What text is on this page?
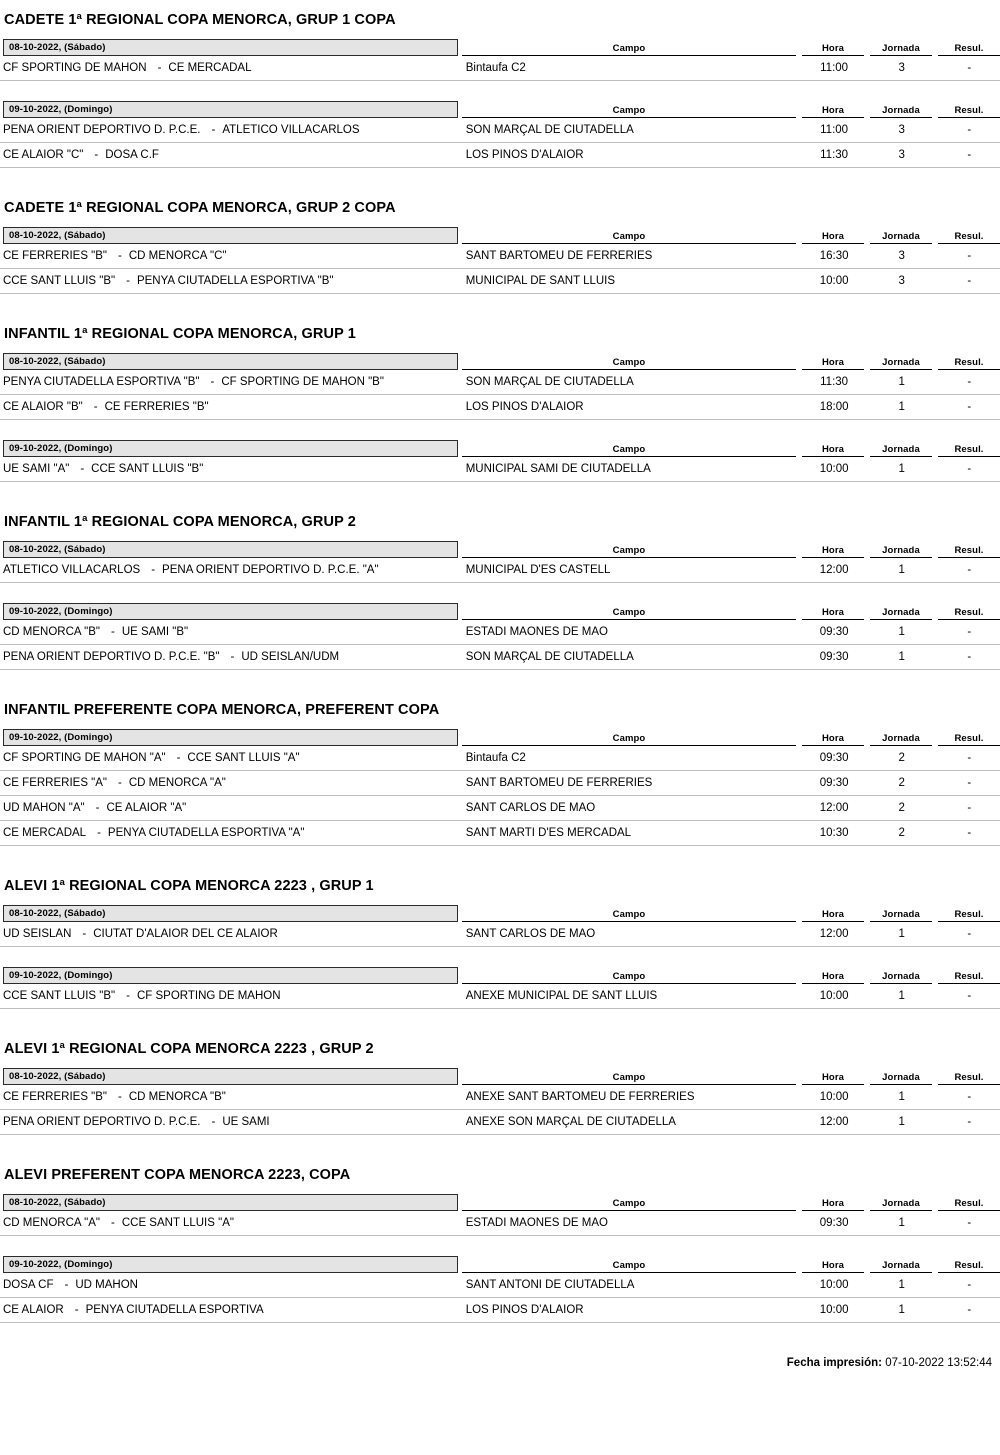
CADETE 1ª REGIONAL COPA MENORCA, GRUP 1 COPA
08-10-2022, (Sábado)	Campo	Hora	Jornada	Resul.
CF SPORTING DE MAHON - CE MERCADAL	Bintaufa C2	11:00	3	-
09-10-2022, (Domingo)	Campo	Hora	Jornada	Resul.
PEÑA ORIENT DEPORTIVO D. P.C.E. - ATLETICO VILLACARLOS	SON MARÇAL DE CIUTADELLA	11:00	3	-
CE ALAIOR "C" - DOSA C.F	LOS PINOS D'ALAIOR	11:30	3	-
CADETE 1ª REGIONAL COPA MENORCA, GRUP 2 COPA
08-10-2022, (Sábado)	Campo	Hora	Jornada	Resul.
CE FERRERIES "B" - CD MENORCA "C"	SANT BARTOMEU DE FERRERIES	16:30	3	-
CCE SANT LLUIS "B" - PENYA CIUTADELLA ESPORTIVA "B"	MUNICIPAL DE SANT LLUIS	10:00	3	-
INFANTIL 1ª REGIONAL COPA MENORCA, GRUP 1
08-10-2022, (Sábado)	Campo	Hora	Jornada	Resul.
PENYA CIUTADELLA ESPORTIVA "B" - CF SPORTING DE MAHON "B"	SON MARÇAL DE CIUTADELLA	11:30	1	-
CE ALAIOR "B" - CE FERRERIES "B"	LOS PINOS D'ALAIOR	18:00	1	-
09-10-2022, (Domingo)	Campo	Hora	Jornada	Resul.
UE SAMI "A" - CCE SANT LLUÍS "B"	MUNICIPAL SAMI DE CIUTADELLA	10:00	1	-
INFANTIL 1ª REGIONAL COPA MENORCA, GRUP 2
08-10-2022, (Sábado)	Campo	Hora	Jornada	Resul.
ATLETICO VILLACARLOS - PEÑA ORIENT DEPORTIVO D. P.C.E. "A"	MUNICIPAL D'ES CASTELL	12:00	1	-
09-10-2022, (Domingo)	Campo	Hora	Jornada	Resul.
CD MENORCA "B" - UE SAMI "B"	ESTADI MAONÉS DE MAÓ	09:30	1	-
PEÑA ORIENT DEPORTIVO D. P.C.E. "B" - UD SEISLAN/UDM	SON MARÇAL DE CIUTADELLA	09:30	1	-
INFANTIL PREFERENTE COPA MENORCA, PREFERENT COPA
09-10-2022, (Domingo)	Campo	Hora	Jornada	Resul.
CF SPORTING DE MAHON "A" - CCE SANT LLUIS "A"	Bintaufa C2	09:30	2	-
CE FERRERIES "A" - CD MENORCA "A"	SANT BARTOMEU DE FERRERIES	09:30	2	-
UD MAHON "A" - CE ALAIOR "A"	SANT CARLOS DE MAÓ	12:00	2	-
CE MERCADAL - PENYA CIUTADELLA ESPORTIVA "A"	SANT MARTI D'ES MERCADAL	10:30	2	-
ALEVI 1ª REGIONAL COPA MENORCA 2223 , GRUP 1
08-10-2022, (Sábado)	Campo	Hora	Jornada	Resul.
UD SEISLAN - CIUTAT D'ALAIOR DEL CE ALAIOR	SANT CARLOS DE MAÓ	12:00	1	-
09-10-2022, (Domingo)	Campo	Hora	Jornada	Resul.
CCE SANT LLUÍS "B" - CF SPORTING DE MAHON	ANEXE MUNICIPAL DE SANT LLUIS	10:00	1	-
ALEVI 1ª REGIONAL COPA MENORCA 2223 , GRUP 2
08-10-2022, (Sábado)	Campo	Hora	Jornada	Resul.
CE FERRERIES "B" - CD MENORCA "B"	ANEXE SANT BARTOMEU DE FERRERIES	10:00	1	-
PEÑA ORIENT DEPORTIVO D. P.C.E. - UE SAMI	ANEXE SON MARÇAL DE CIUTADELLA	12:00	1	-
ALEVI PREFERENT COPA MENORCA 2223, COPA
08-10-2022, (Sábado)	Campo	Hora	Jornada	Resul.
CD MENORCA "A" - CCE SANT LLUIS "A"	ESTADI MAONÉS DE MAÓ	09:30	1	-
09-10-2022, (Domingo)	Campo	Hora	Jornada	Resul.
DOSA CF - UD MAHON	SANT ANTONI DE CIUTADELLA	10:00	1	-
CE ALAIOR - PENYA CIUTADELLA ESPORTIVA	LOS PINOS D'ALAIOR	10:00	1	-
Fecha impresión: 07-10-2022 13:52:44
